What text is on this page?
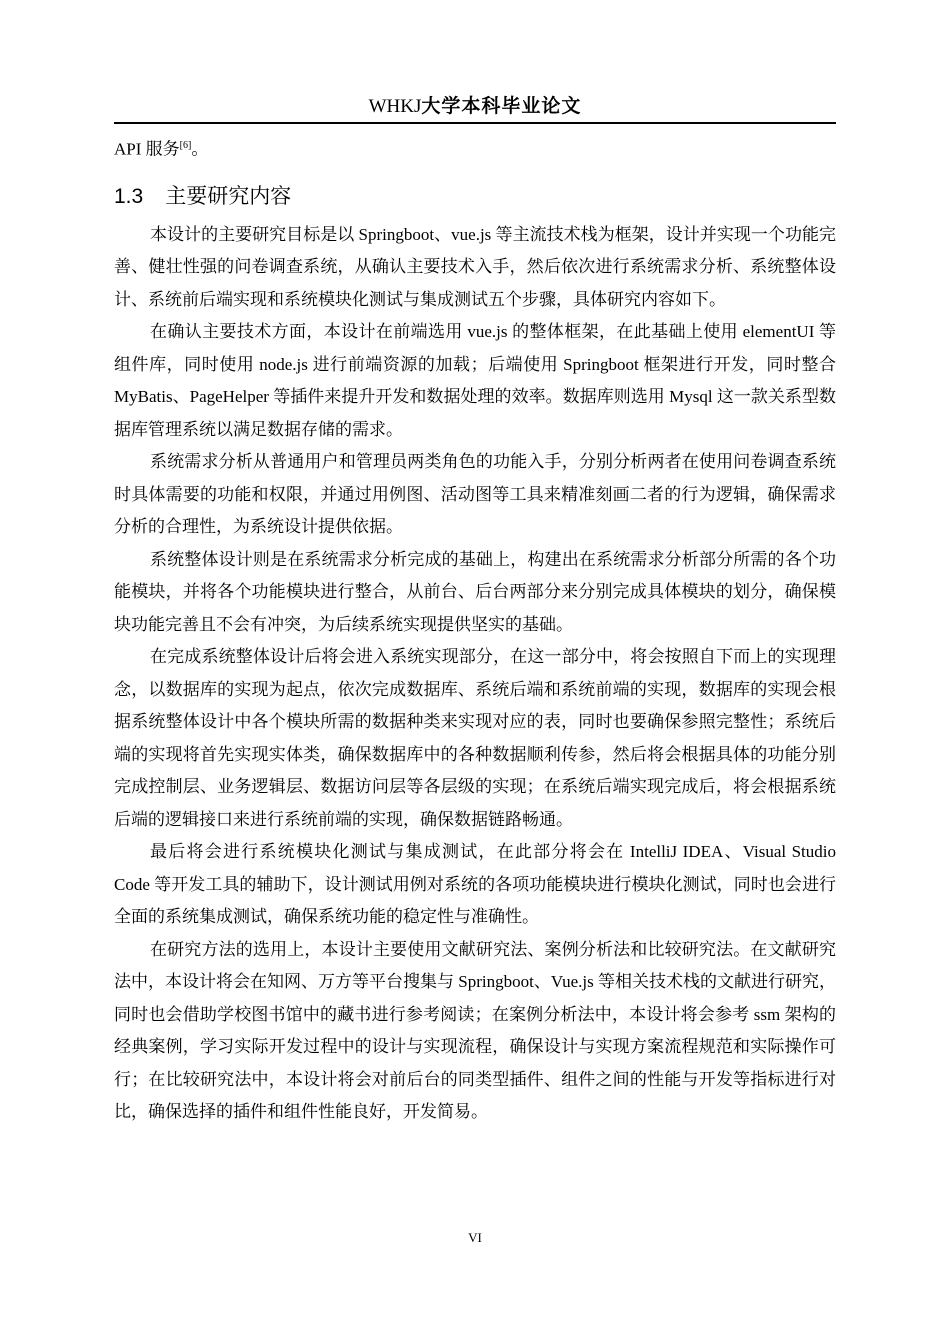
WHKJ大学本科毕业论文

API 服务[6]。

1.3 主要研究内容

本设计的主要研究目标是以 Springboot、vue.js 等主流技术栈为框架，设计并实现一个功能完善、健壮性强的问卷调查系统，从确认主要技术入手，然后依次进行系统需求分析、系统整体设计、系统前后端实现和系统模块化测试与集成测试五个步骤，具体研究内容如下。

在确认主要技术方面，本设计在前端选用 vue.js 的整体框架，在此基础上使用 elementUI 等组件库，同时使用 node.js 进行前端资源的加载；后端使用 Springboot 框架进行开发，同时整合 MyBatis、PageHelper 等插件来提升开发和数据处理的效率。数据库则选用 Mysql 这一款关系型数据库管理系统以满足数据存储的需求。

系统需求分析从普通用户和管理员两类角色的功能入手，分别分析两者在使用问卷调查系统时具体需要的功能和权限，并通过用例图、活动图等工具来精准刻画二者的行为逻辑，确保需求分析的合理性，为系统设计提供依据。

系统整体设计则是在系统需求分析完成的基础上，构建出在系统需求分析部分所需的各个功能模块，并将各个功能模块进行整合，从前台、后台两部分来分别完成具体模块的划分，确保模块功能完善且不会有冲突，为后续系统实现提供坚实的基础。

在完成系统整体设计后将会进入系统实现部分，在这一部分中，将会按照自下而上的实现理念，以数据库的实现为起点，依次完成数据库、系统后端和系统前端的实现，数据库的实现会根据系统整体设计中各个模块所需的数据种类来实现对应的表，同时也要确保参照完整性；系统后端的实现将首先实现实体类，确保数据库中的各种数据顺利传参，然后将会根据具体的功能分别完成控制层、业务逻辑层、数据访问层等各层级的实现；在系统后端实现完成后，将会根据系统后端的逻辑接口来进行系统前端的实现，确保数据链路畅通。

最后将会进行系统模块化测试与集成测试，在此部分将会在 IntelliJ IDEA、Visual Studio Code 等开发工具的辅助下，设计测试用例对系统的各项功能模块进行模块化测试，同时也会进行全面的系统集成测试，确保系统功能的稳定性与准确性。

在研究方法的选用上，本设计主要使用文献研究法、案例分析法和比较研究法。在文献研究法中，本设计将会在知网、万方等平台搜集与 Springboot、Vue.js 等相关技术栈的文献进行研究，同时也会借助学校图书馆中的藏书进行参考阅读；在案例分析法中，本设计将会参考 ssm 架构的经典案例，学习实际开发过程中的设计与实现流程，确保设计与实现方案流程规范和实际操作可行；在比较研究法中，本设计将会对前后台的同类型插件、组件之间的性能与开发等指标进行对比，确保选择的插件和组件性能良好，开发简易。

VI
